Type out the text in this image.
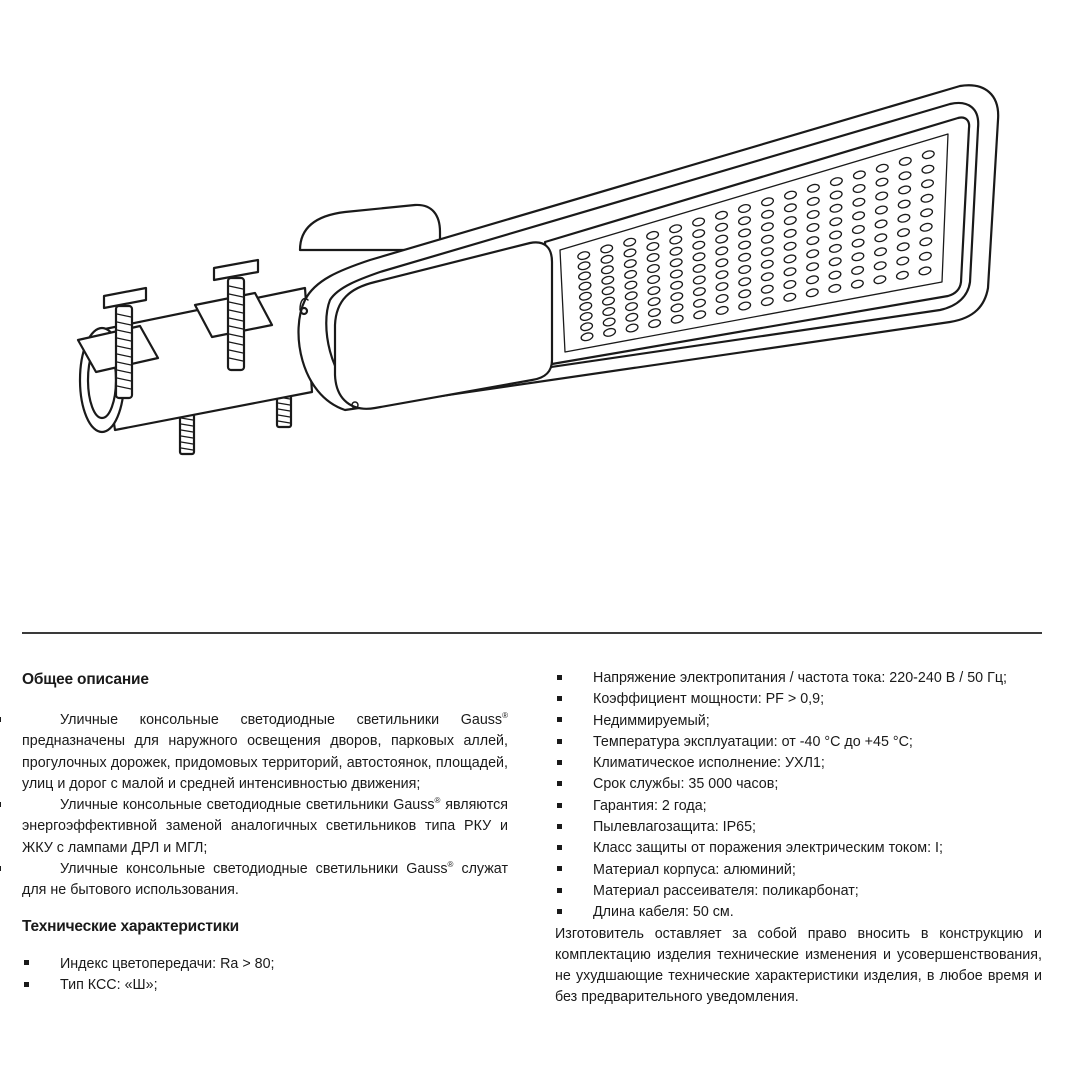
Общее описание

Уличные консольные светодиодные светильники Gauss® предназначены для наружного освещения дворов, парковых аллей, прогулочных дорожек, придомовых территорий, автостоянок, площадей, улиц и дорог с малой и средней интенсивностью движения;

Уличные консольные светодиодные светильники Gauss® являются энергоэффективной заменой аналогичных светильников типа РКУ и ЖКУ с лампами ДРЛ и МГЛ;

Уличные консольные светодиодные светильники Gauss® служат для не бытового использования.

Технические характеристики
Индекс цветопередачи: Ra > 80;
Тип КСС: «Ш»;
Напряжение электропитания / частота тока: 220-240 В / 50 Гц;
Коэффициент мощности: PF > 0,9;
Недиммируемый;
Температура эксплуатации: от -40 °С до +45 °С;
Климатическое исполнение: УХЛ1;
Срок службы: 35 000 часов;
Гарантия: 2 года;
Пылевлагозащита: IP65;
Класс защиты от поражения электрическим током: I;
Материал корпуса: алюминий;
Материал рассеивателя: поликарбонат;
Длина кабеля: 50 см.

Изготовитель оставляет за собой право вносить в конструкцию и комплектацию изделия технические изменения и усовершенствования, не ухудшающие технические характеристики изделия, в любое время и без предварительного уведомления.
